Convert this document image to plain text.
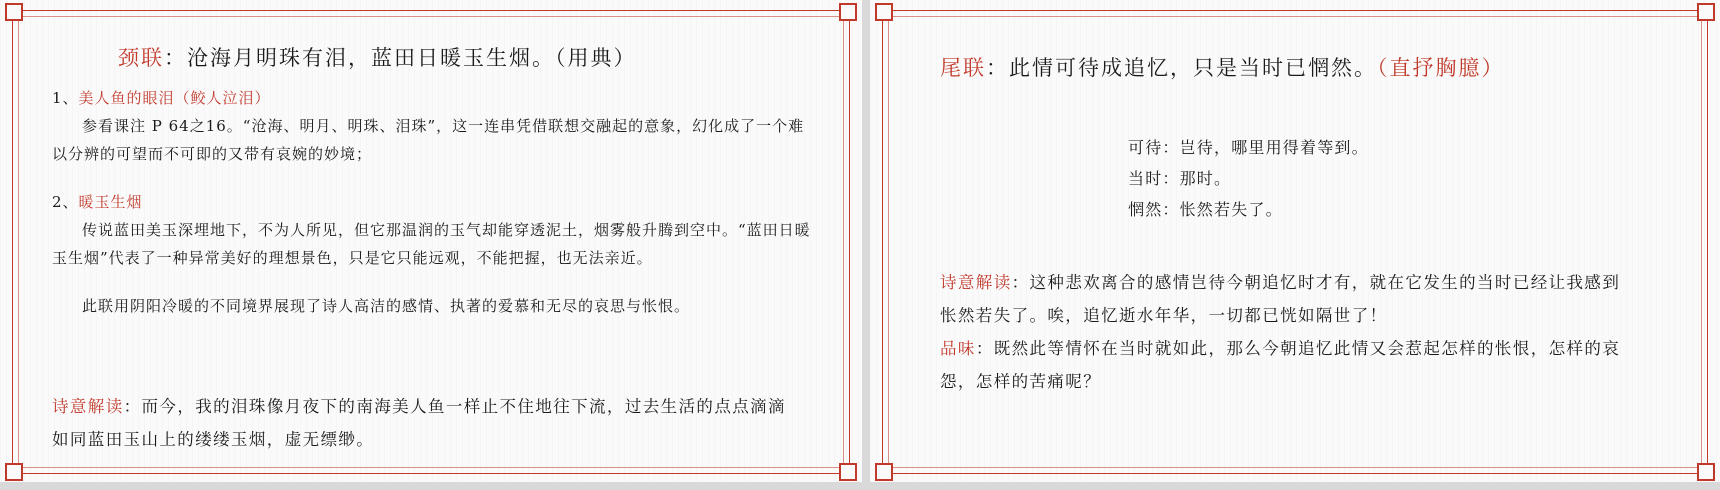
颈联：沧海月明珠有泪，蓝田日暖玉生烟。（用典）

1、美人鱼的眼泪（鲛人泣泪）

参看课注 P 64之16。“沧海、明月、明珠、泪珠”，这一连串凭借联想交融起的意象，幻化成了一个难以分辨的可望而不可即的又带有哀婉的妙境；

2、暖玉生烟

传说蓝田美玉深埋地下，不为人所见，但它那温润的玉气却能穿透泥土，烟雾般升腾到空中。“蓝田日暖玉生烟”代表了一种异常美好的理想景色，只是它只能远观，不能把握，也无法亲近。

此联用阴阳冷暖的不同境界展现了诗人高洁的感情、执著的爱慕和无尽的哀思与怅恨。

诗意解读：而今，我的泪珠像月夜下的南海美人鱼一样止不住地往下流，过去生活的点点滴滴如同蓝田玉山上的缕缕玉烟，虚无缥缈。
尾联：此情可待成追忆，只是当时已惘然。（直抒胸臆）
可待：岂待，哪里用得着等到。
当时：那时。
惘然：怅然若失了。

诗意解读：这种悲欢离合的感情岂待今朝追忆时才有，就在它发生的当时已经让我感到怅然若失了。唉，追忆逝水年华，一切都已恍如隔世了！

品味：既然此等情怀在当时就如此，那么今朝追忆此情又会惹起怎样的怅恨，怎样的哀怨，怎样的苦痛呢？
